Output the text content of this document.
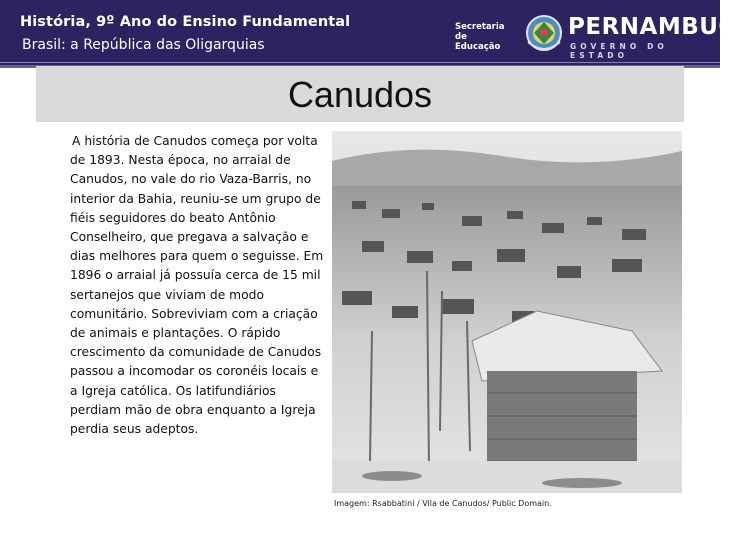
História, 9º Ano do Ensino Fundamental
Brasil: a República das Oligarquias
Secretaria de
Educação
PERNAMBUCO
GOVERNO DO ESTADO
Canudos
A história de Canudos começa por volta de 1893. Nesta época, no arraial de Canudos, no vale do rio Vaza-Barris, no interior da Bahia, reuniu-se um grupo de fiéis seguidores do beato Antônio Conselheiro, que pregava a salvação e dias melhores para quem o seguisse. Em 1896 o arraial já possuía cerca de 15 mil sertanejos que viviam de modo comunitário. Sobreviviam com a criação de animais e plantações. O rápido crescimento da comunidade de Canudos passou a incomodar os coronéis locais e a Igreja católica. Os latifundiários perdiam mão de obra enquanto a Igreja perdia seus adeptos.
Imagem: Rsabbatini / Vila de Canudos/ Public Domain.
